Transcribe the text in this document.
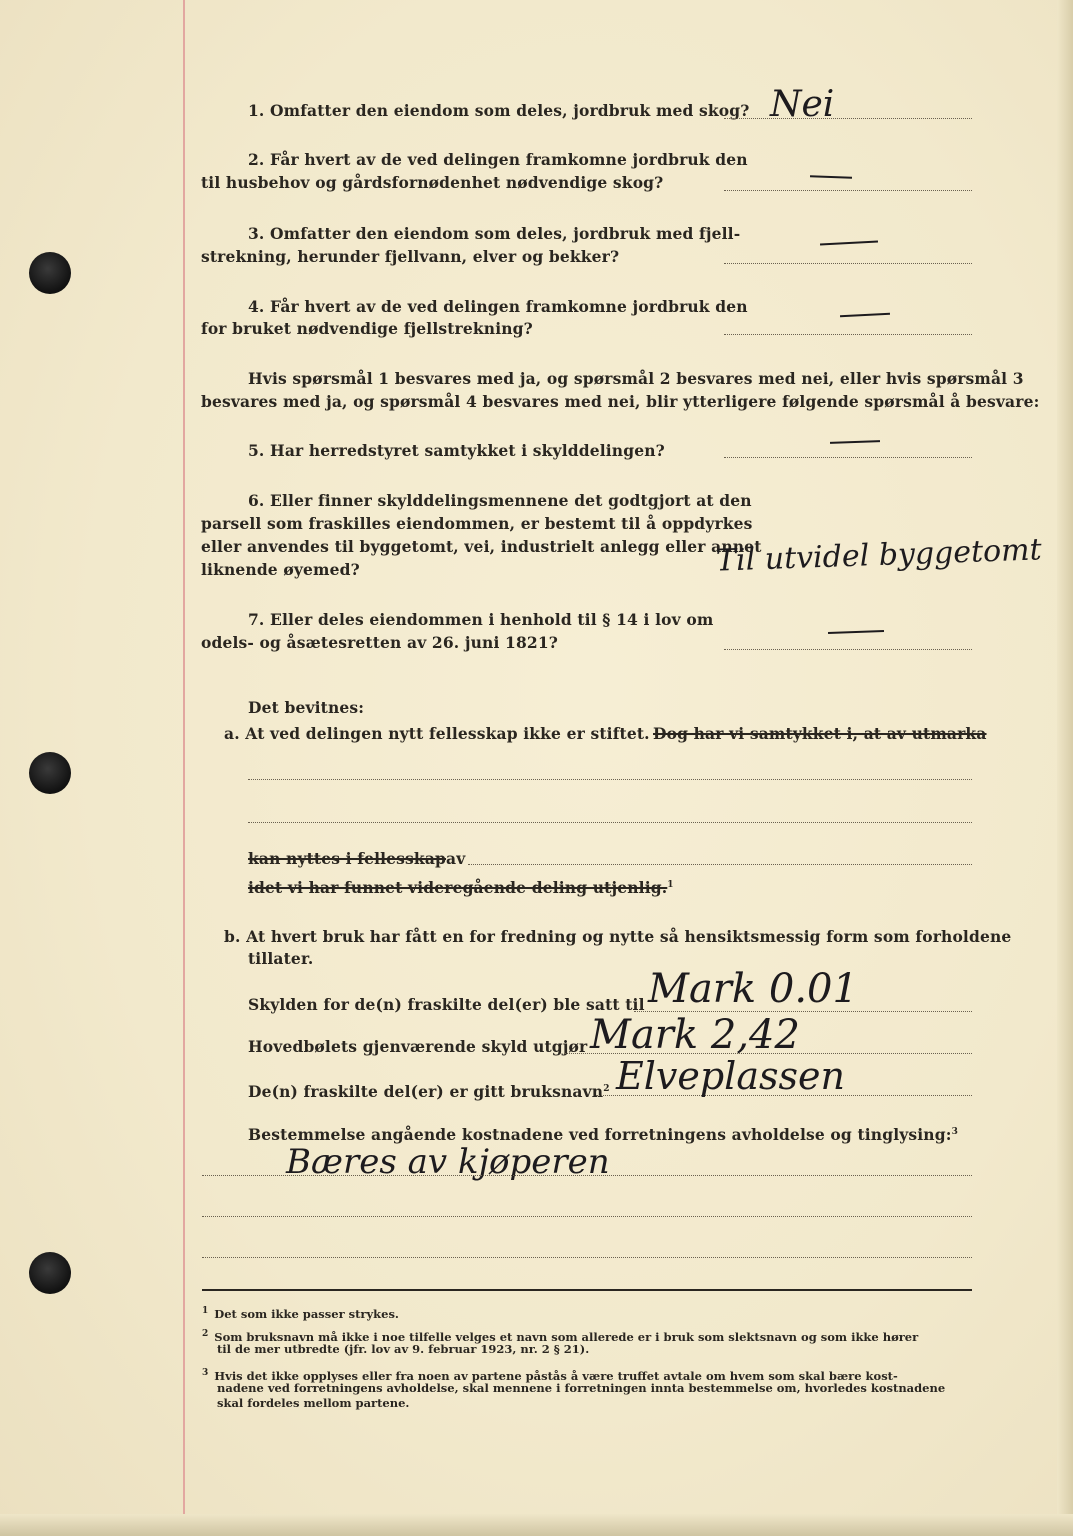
1. Omfatter den eiendom som deles, jordbruk med skog? Nei
2. Får hvert av de ved delingen framkomne jordbruk den
til husbehov og gårdsfornødenhet nødvendige skog?
3. Omfatter den eiendom som deles, jordbruk med fjell-
strekning, herunder fjellvann, elver og bekker?
4. Får hvert av de ved delingen framkomne jordbruk den
for bruket nødvendige fjellstrekning?
Hvis spørsmål 1 besvares med ja, og spørsmål 2 besvares med nei, eller hvis spørsmål 3
besvares med ja, og spørsmål 4 besvares med nei, blir ytterligere følgende spørsmål å besvare:
5. Har herredstyret samtykket i skylddelingen?
6. Eller finner skylddelingsmennene det godtgjort at den
parsell som fraskilles eiendommen, er bestemt til å oppdyrkes
eller anvendes til byggetomt, vei, industrielt anlegg eller annet
liknende øyemed?	Til utvidel byggetomt
7. Eller deles eiendommen i henhold til § 14 i lov om
odels- og åsætesretten av 26. juni 1821?
Det bevitnes:
a. At ved delingen nytt fellesskap ikke er stiftet. Dog har vi samtykket i, at av utmarka
kan nyttes i fellesskapav
idet vi har funnet videregående deling utjenlig.$^1$
b. At hvert bruk har fått en for fredning og nytte så hensiktsmessig form som forholdene
tillater.
Skylden for de(n) fraskilte del(er) ble satt til Mark 0.01
Hovedbølets gjenværende skyld utgjør Mark 2,42
De(n) fraskilte del(er) er gitt bruksnavn$^2$ Elveplassen
Bestemmelse angående kostnadene ved forretningens avholdelse og tinglysing:$^3$
Bæres av kjøperen
$^1$ Det som ikke passer strykes.
$^2$ Som bruksnavn må ikke i noe tilfelle velges et navn som allerede er i bruk som slektsnavn og som ikke hører
til de mer utbredte (jfr. lov av 9. februar 1923, nr. 2 § 21).
$^3$ Hvis det ikke opplyses eller fra noen av partene påstås å være truffet avtale om hvem som skal bære kost-
nadene ved forretningens avholdelse, skal mennene i forretningen innta bestemmelse om, hvorledes kostnadene
skal fordeles mellom partene.
